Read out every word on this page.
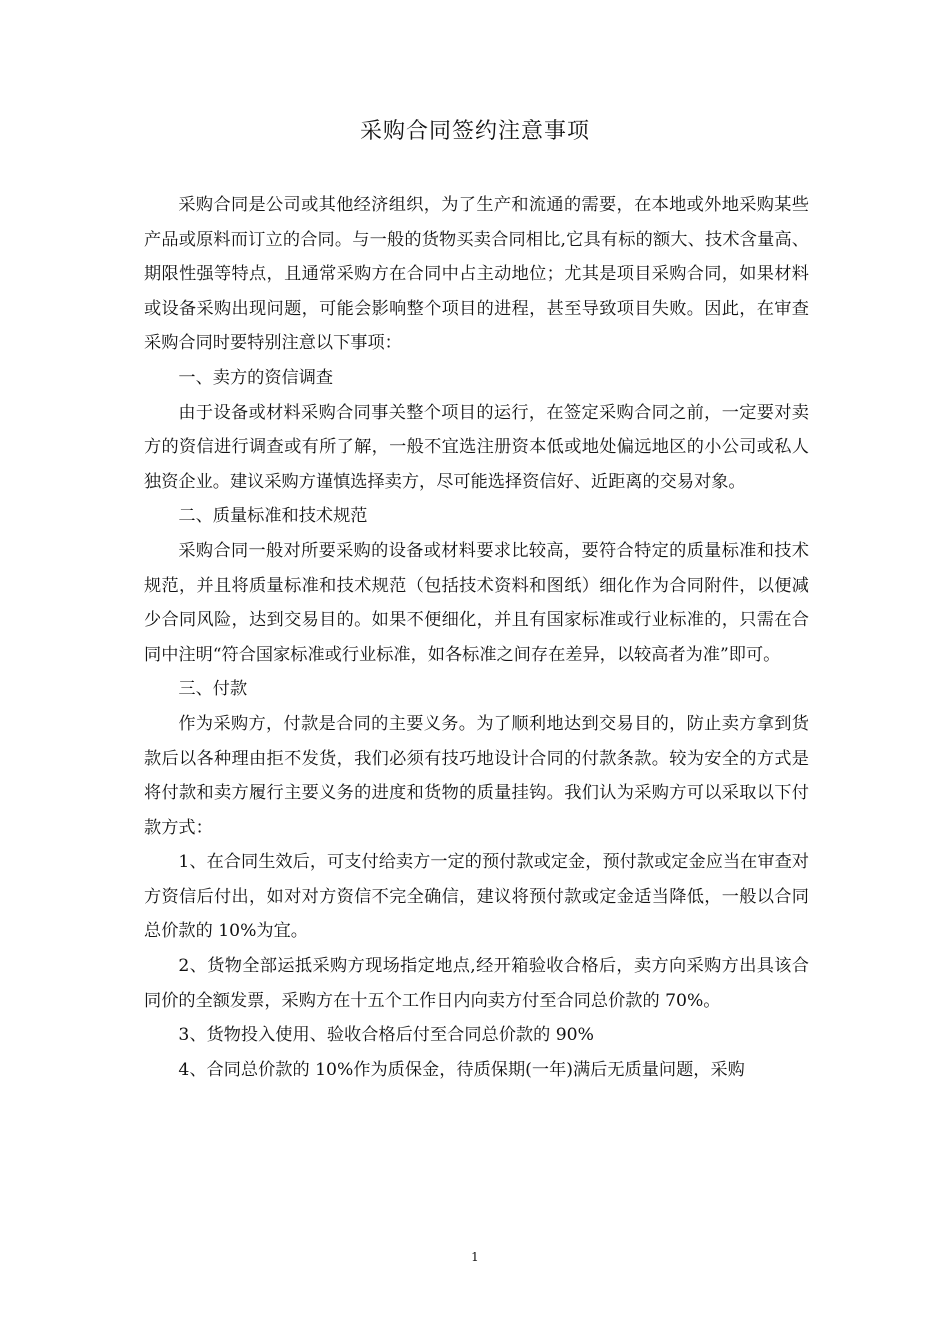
采购合同签约注意事项

采购合同是公司或其他经济组织，为了生产和流通的需要，在本地或外地采购某些产品或原料而订立的合同。与一般的货物买卖合同相比,它具有标的额大、技术含量高、期限性强等特点，且通常采购方在合同中占主动地位；尤其是项目采购合同，如果材料或设备采购出现问题，可能会影响整个项目的进程，甚至导致项目失败。因此，在审查采购合同时要特别注意以下事项：

一、卖方的资信调查

由于设备或材料采购合同事关整个项目的运行，在签定采购合同之前，一定要对卖方的资信进行调查或有所了解，一般不宜选注册资本低或地处偏远地区的小公司或私人独资企业。建议采购方谨慎选择卖方，尽可能选择资信好、近距离的交易对象。

二、质量标准和技术规范

采购合同一般对所要采购的设备或材料要求比较高，要符合特定的质量标准和技术规范，并且将质量标准和技术规范（包括技术资料和图纸）细化作为合同附件，以便减少合同风险，达到交易目的。如果不便细化，并且有国家标准或行业标准的，只需在合同中注明“符合国家标准或行业标准，如各标准之间存在差异，以较高者为准”即可。

三、付款

作为采购方，付款是合同的主要义务。为了顺利地达到交易目的，防止卖方拿到货款后以各种理由拒不发货，我们必须有技巧地设计合同的付款条款。较为安全的方式是将付款和卖方履行主要义务的进度和货物的质量挂钩。我们认为采购方可以采取以下付款方式：

1、在合同生效后，可支付给卖方一定的预付款或定金，预付款或定金应当在审查对方资信后付出，如对对方资信不完全确信，建议将预付款或定金适当降低，一般以合同总价款的 10%为宜。

2、货物全部运抵采购方现场指定地点,经开箱验收合格后，卖方向采购方出具该合同价的全额发票，采购方在十五个工作日内向卖方付至合同总价款的 70%。

3、货物投入使用、验收合格后付至合同总价款的 90%

4、合同总价款的 10%作为质保金，待质保期(一年)满后无质量问题，采购

1
